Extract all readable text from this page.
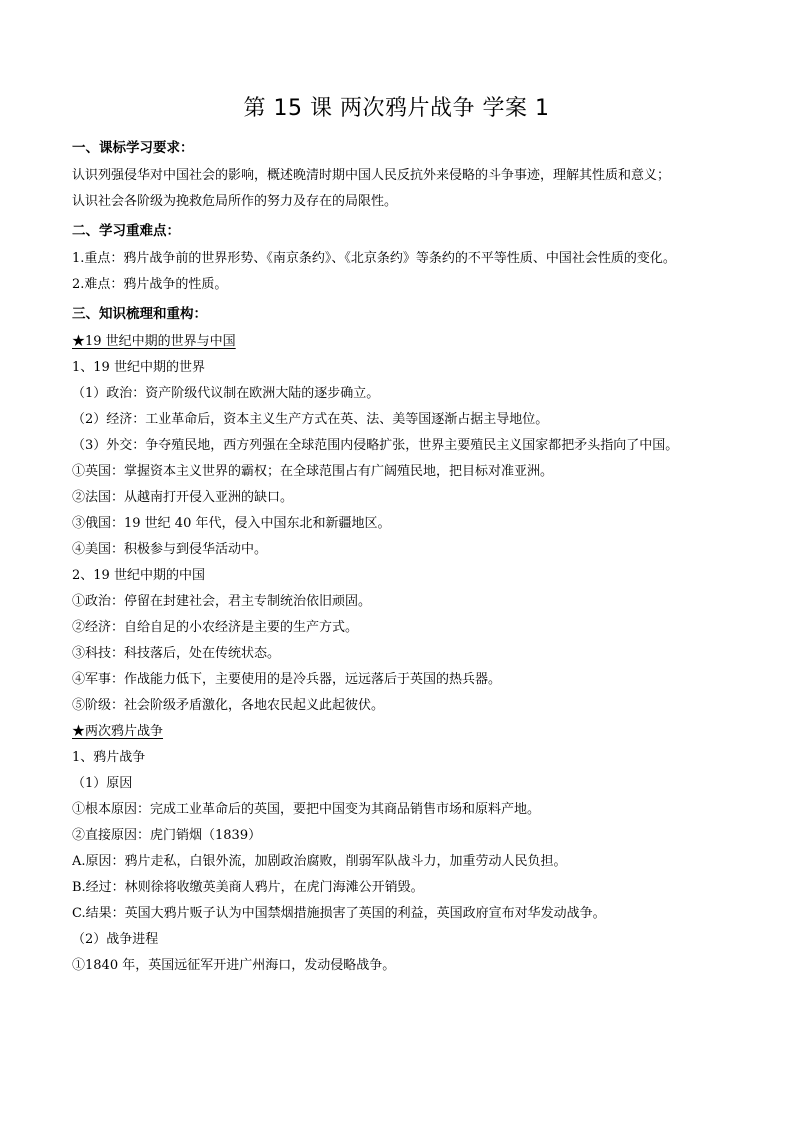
第 15 课 两次鸦片战争 学案 1

一、课标学习要求：

认识列强侵华对中国社会的影响，概述晚清时期中国人民反抗外来侵略的斗争事迹，理解其性质和意义；

认识社会各阶级为挽救危局所作的努力及存在的局限性。

二、学习重难点：

1.重点：鸦片战争前的世界形势、《南京条约》、《北京条约》等条约的不平等性质、中国社会性质的变化。

2.难点：鸦片战争的性质。

三、知识梳理和重构：

★19 世纪中期的世界与中国

1、19 世纪中期的世界

（1）政治：资产阶级代议制在欧洲大陆的逐步确立。

（2）经济：工业革命后，资本主义生产方式在英、法、美等国逐渐占据主导地位。

（3）外交：争夺殖民地，西方列强在全球范围内侵略扩张，世界主要殖民主义国家都把矛头指向了中国。

①英国：掌握资本主义世界的霸权；在全球范围占有广阔殖民地，把目标对准亚洲。

②法国：从越南打开侵入亚洲的缺口。

③俄国：19 世纪 40 年代，侵入中国东北和新疆地区。

④美国：积极参与到侵华活动中。

2、19 世纪中期的中国

①政治：停留在封建社会，君主专制统治依旧顽固。

②经济：自给自足的小农经济是主要的生产方式。

③科技：科技落后，处在传统状态。

④军事：作战能力低下，主要使用的是冷兵器，远远落后于英国的热兵器。

⑤阶级：社会阶级矛盾激化，各地农民起义此起彼伏。

★两次鸦片战争

1、鸦片战争

（1）原因

①根本原因：完成工业革命后的英国，要把中国变为其商品销售市场和原料产地。

②直接原因：虎门销烟（1839）

A.原因：鸦片走私，白银外流，加剧政治腐败，削弱军队战斗力，加重劳动人民负担。

B.经过：林则徐将收缴英美商人鸦片，在虎门海滩公开销毁。

C.结果：英国大鸦片贩子认为中国禁烟措施损害了英国的利益，英国政府宣布对华发动战争。

（2）战争进程

①1840 年，英国远征军开进广州海口，发动侵略战争。
